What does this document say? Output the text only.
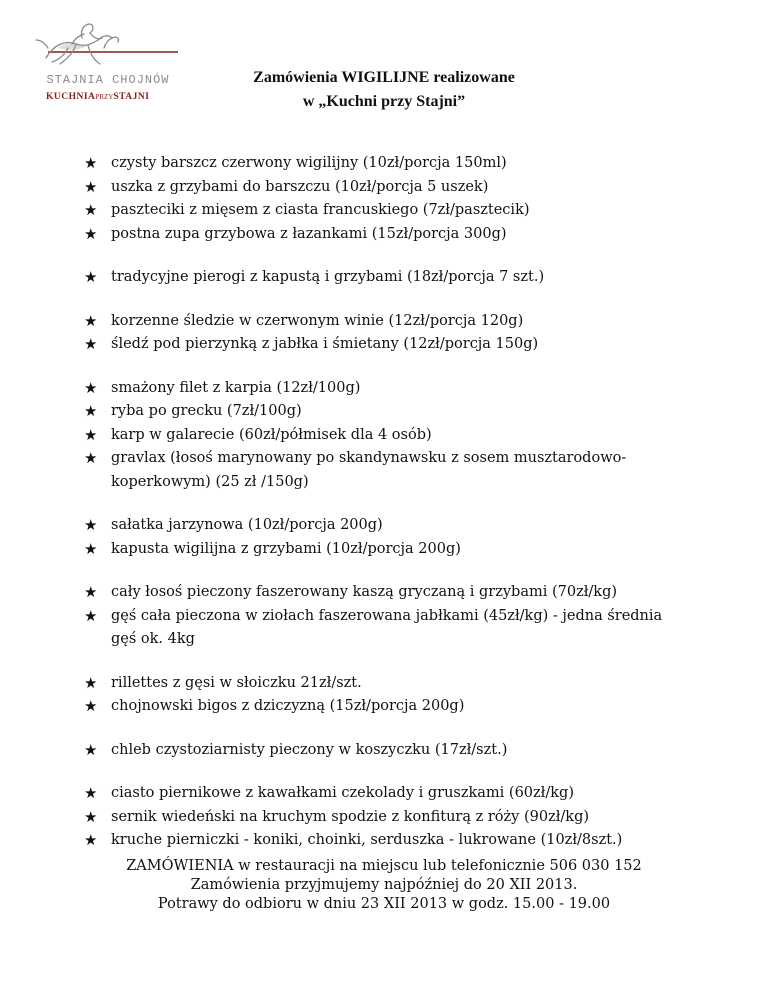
STAJNIA CHOJNÓW
KUCHNIAPRZYSTAJNI
Zamówienia WIGILIJNE realizowane
w „Kuchni przy Stajni”
★ czysty barszcz czerwony wigilijny (10zł/porcja 150ml)
★ uszka z grzybami do barszczu (10zł/porcja 5 uszek)
★ paszteciki z mięsem z ciasta francuskiego (7zł/pasztecik)
★ postna zupa grzybowa z łazankami (15zł/porcja 300g)
★ tradycyjne pierogi z kapustą i grzybami (18zł/porcja 7 szt.)
★ korzenne śledzie w czerwonym winie (12zł/porcja 120g)
★ śledź pod pierzynką z jabłka i śmietany (12zł/porcja 150g)
★ smażony filet z karpia (12zł/100g)
★ ryba po grecku (7zł/100g)
★ karp w galarecie (60zł/półmisek dla 4 osób)
★ gravlax (łosoś marynowany po skandynawsku z sosem musztarodowo-koperkowym) (25 zł /150g)
★ sałatka jarzynowa (10zł/porcja 200g)
★ kapusta wigilijna z grzybami (10zł/porcja 200g)
★ cały łosoś pieczony faszerowany kaszą gryczaną i grzybami (70zł/kg)
★ gęś cała pieczona w ziołach faszerowana jabłkami (45zł/kg) - jedna średnia gęś ok. 4kg
★ rillettes z gęsi w słoiczku 21zł/szt.
★ chojnowski bigos z dziczyzną (15zł/porcja 200g)
★ chleb czystoziarnisty pieczony w koszyczku (17zł/szt.)
★ ciasto piernikowe z kawałkami czekolady i gruszkami (60zł/kg)
★ sernik wiedeński na kruchym spodzie z konfiturą z róży (90zł/kg)
★ kruche pierniczki - koniki, choinki, serduszka - lukrowane (10zł/8szt.)
ZAMÓWIENIA w restauracji na miejscu lub telefonicznie 506 030 152
Zamówienia przyjmujemy najpóźniej do 20 XII 2013.
Potrawy do odbioru w dniu 23 XII 2013 w godz. 15.00 - 19.00
